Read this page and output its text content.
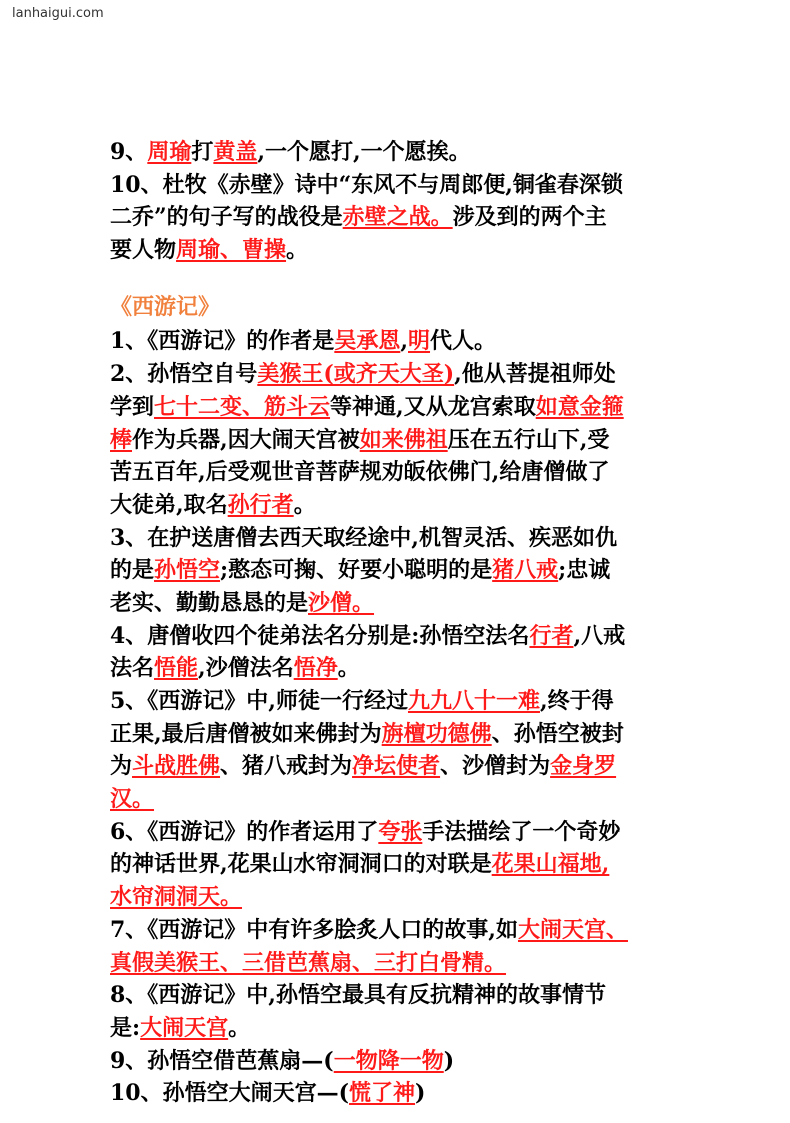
lanhaigui.com
9、周瑜打黄盖,一个愿打,一个愿挨。
10、杜牧《赤壁》诗中“东风不与周郎便,铜雀春深锁
二乔”的句子写的战役是赤壁之战。涉及到的两个主
要人物周瑜、曹操。
《西游记》
1、《西游记》的作者是吴承恩,明代人。
2、孙悟空自号美猴王(或齐天大圣),他从菩提祖师处
学到七十二变、筋斗云等神通,又从龙宫索取如意金箍
棒作为兵器,因大闹天宫被如来佛祖压在五行山下,受
苦五百年,后受观世音菩萨规劝皈依佛门,给唐僧做了
大徒弟,取名孙行者。
3、在护送唐僧去西天取经途中,机智灵活、疾恶如仇
的是孙悟空;憨态可掬、好要小聪明的是猪八戒;忠诚
老实、勤勤恳恳的是沙僧。
4、唐僧收四个徒弟法名分别是:孙悟空法名行者,八戒
法名悟能,沙僧法名悟净。
5、《西游记》中,师徒一行经过九九八十一难,终于得
正果,最后唐僧被如来佛封为旃檀功德佛、孙悟空被封
为斗战胜佛、猪八戒封为净坛使者、沙僧封为金身罗
汉。
6、《西游记》的作者运用了夸张手法描绘了一个奇妙
的神话世界,花果山水帘洞洞口的对联是花果山福地,
水帘洞洞天。
7、《西游记》中有许多脍炙人口的故事,如大闹天宫、
真假美猴王、三借芭蕉扇、三打白骨精。
8、《西游记》中,孙悟空最具有反抗精神的故事情节
是:大闹天宫。
9、孙悟空借芭蕉扇—(一物降一物)
10、孙悟空大闹天宫—(慌了神)
